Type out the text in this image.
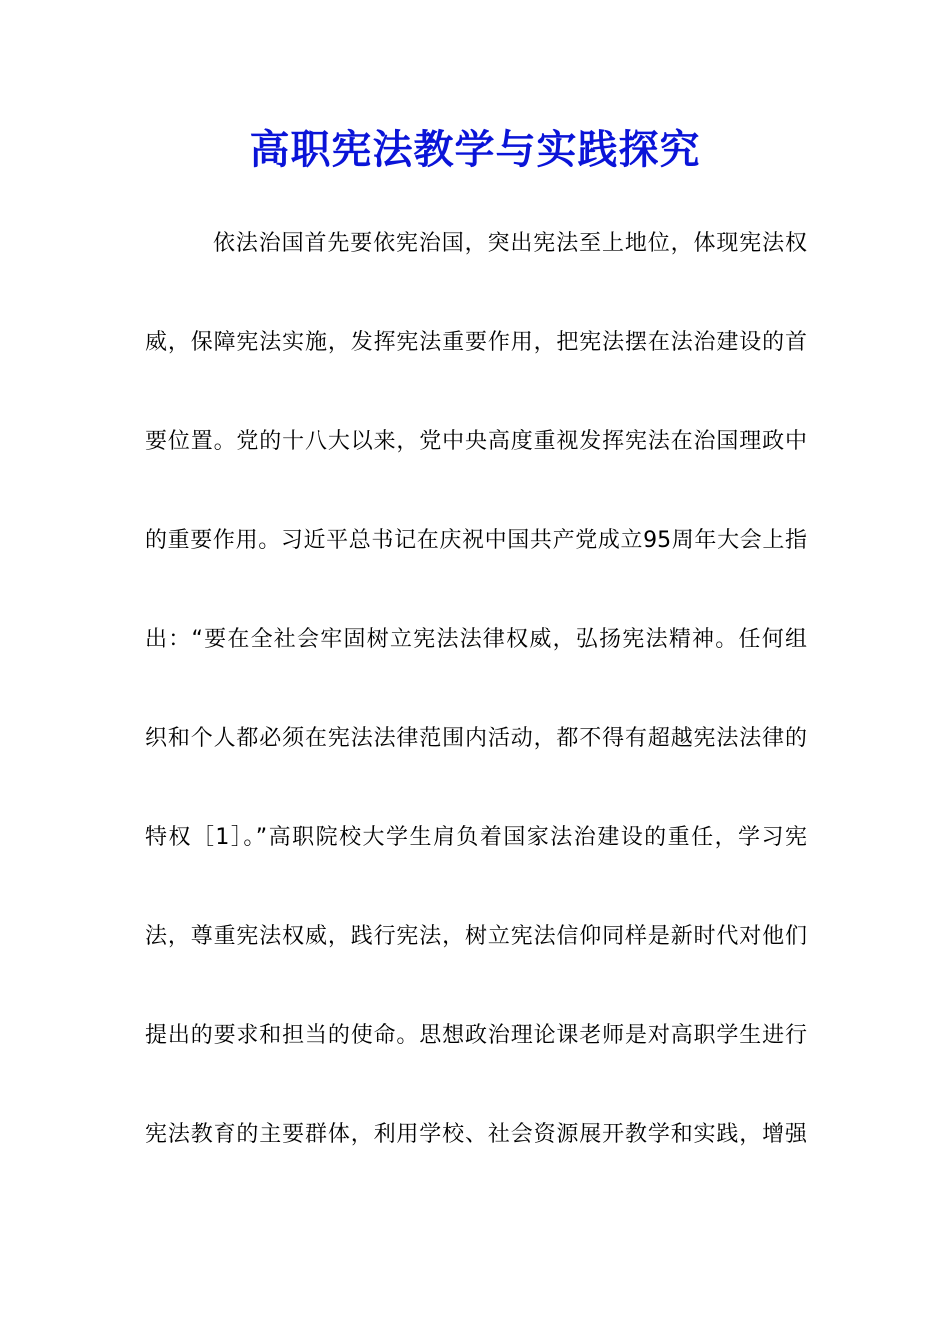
高职宪法教学与实践探究
依法治国首先要依宪治国，突出宪法至上地位，体现宪法权
威，保障宪法实施，发挥宪法重要作用，把宪法摆在法治建设的首
要位置。党的十八大以来，党中央高度重视发挥宪法在治国理政中
的重要作用。习近平总书记在庆祝中国共产党成立95周年大会上指
出：“要在全社会牢固树立宪法法律权威，弘扬宪法精神。任何组
织和个人都必须在宪法法律范围内活动，都不得有超越宪法法律的
特权［1］。”高职院校大学生肩负着国家法治建设的重任，学习宪
法，尊重宪法权威，践行宪法，树立宪法信仰同样是新时代对他们
提出的要求和担当的使命。思想政治理论课老师是对高职学生进行
宪法教育的主要群体，利用学校、社会资源展开教学和实践，增强
